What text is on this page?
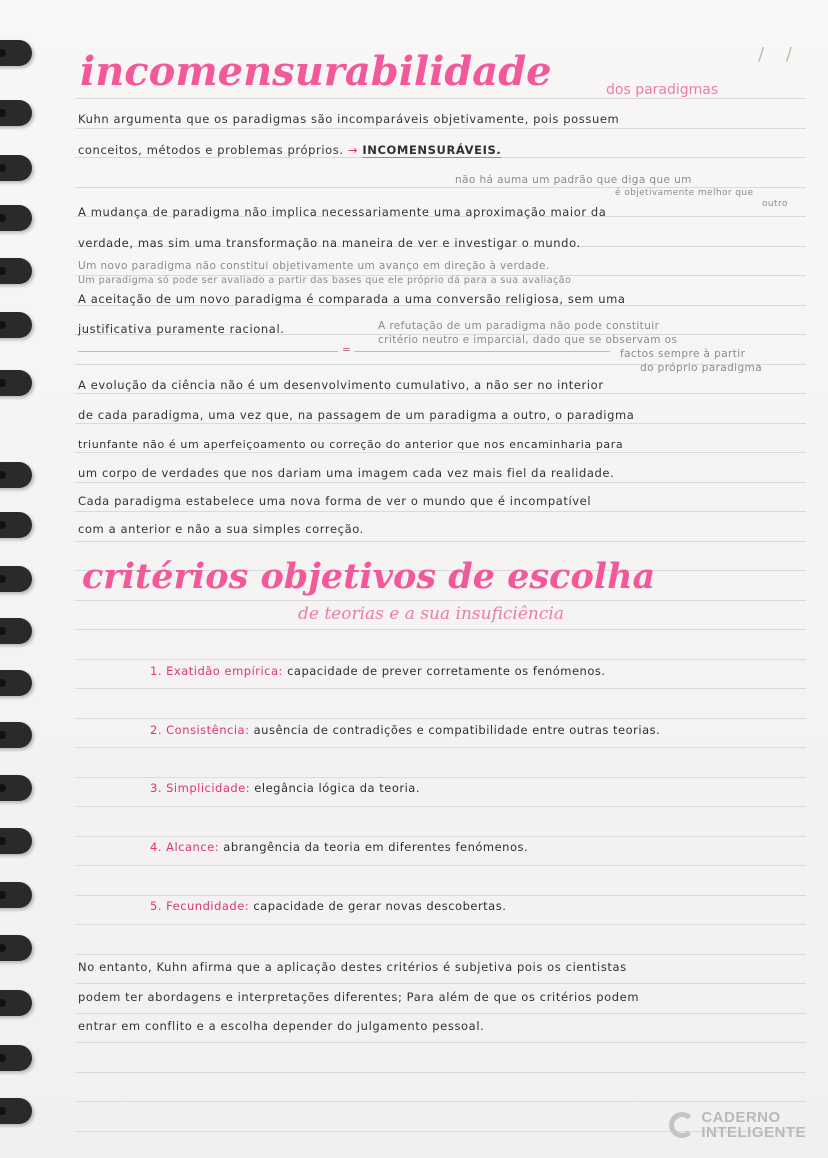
/ /
incomensurabilidade	dos paradigmas
Kuhn argumenta que os paradigmas são incomparáveis objetivamente, pois possuem
conceitos, métodos e problemas próprios. → INCOMENSURÁVEIS.
não há auma um padrão que diga que um
é objetivamente melhor que
outro
A mudança de paradigma não implica necessariamente uma aproximação maior da
verdade, mas sim uma transformação na maneira de ver e investigar o mundo.
Um novo paradigma não constitui objetivamente um avanço em direção à verdade.
Um paradigma só pode ser avaliado a partir das bases que ele próprio dá para a sua avaliação
A aceitação de um novo paradigma é comparada a uma conversão religiosa, sem uma
justificativa puramente racional.	A refutação de um paradigma não pode constituir
critério neutro e imparcial, dado que se observam os
factos sempre à partir
do próprio paradigma
=
A evolução da ciência não é um desenvolvimento cumulativo, a não ser no interior
de cada paradigma, uma vez que, na passagem de um paradigma a outro, o paradigma
triunfante não é um aperfeiçoamento ou correção do anterior que nos encaminharia para
um corpo de verdades que nos dariam uma imagem cada vez mais fiel da realidade.
Cada paradigma estabelece uma nova forma de ver o mundo que é incompatível
com a anterior e não a sua simples correção.
critérios objetivos de escolha
de teorias e a sua insuficiência
1. Exatidão empírica: capacidade de prever corretamente os fenómenos.
2. Consistência: ausência de contradições e compatibilidade entre outras teorias.
3. Simplicidade: elegância lógica da teoria.
4. Alcance: abrangência da teoria em diferentes fenómenos.
5. Fecundidade: capacidade de gerar novas descobertas.
No entanto, Kuhn afirma que a aplicação destes critérios é subjetiva pois os cientistas
podem ter abordagens e interpretações diferentes; Para além de que os critérios podem
entrar em conflito e a escolha depender do julgamento pessoal.
CADERNO
INTELIGENTE
